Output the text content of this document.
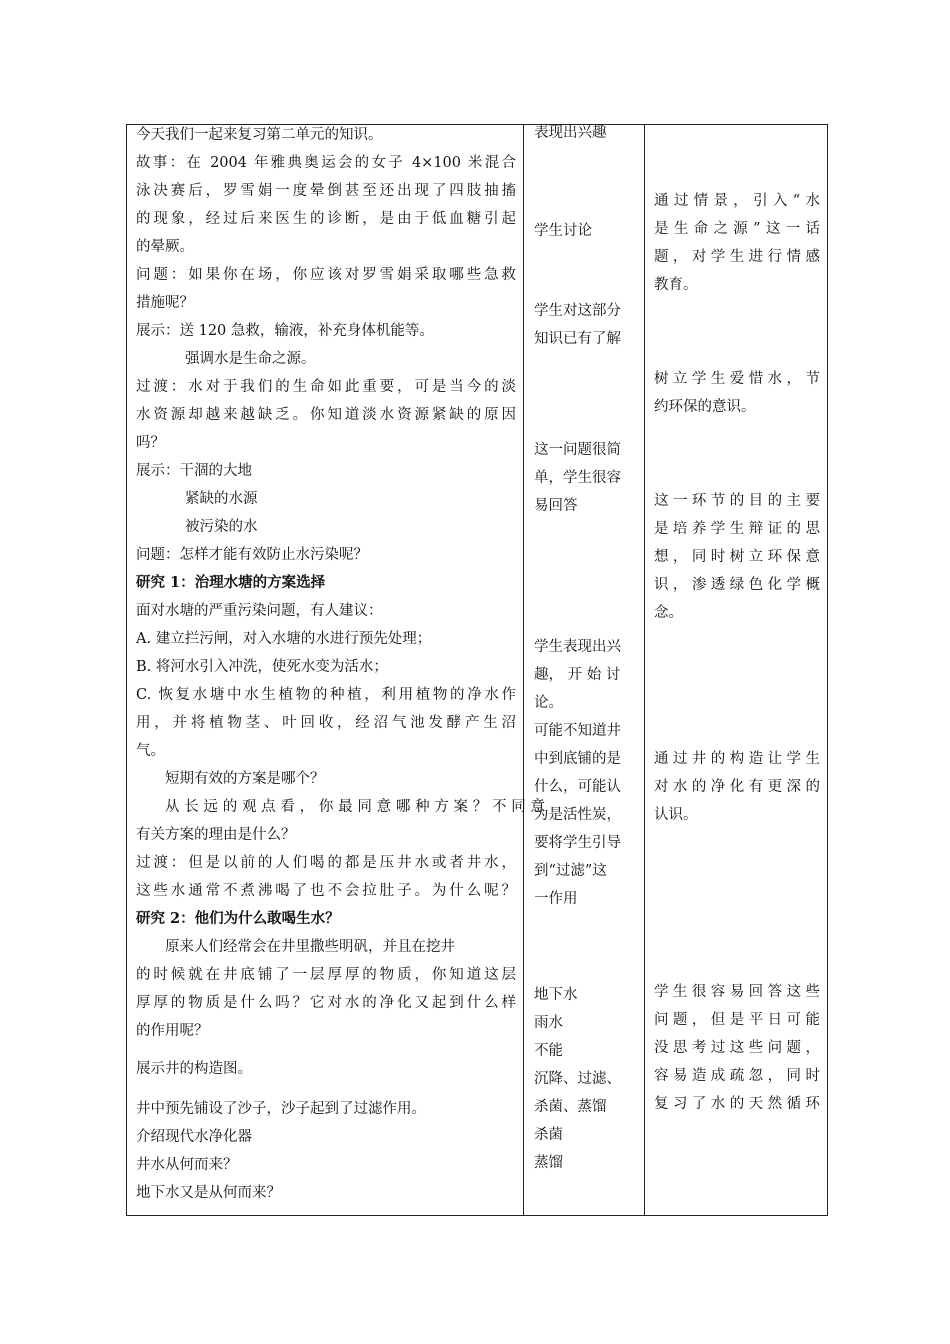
今天我们一起来复习第二单元的知识。
故事：在 2004 年雅典奥运会的女子 4×100 米混合
泳决赛后，罗雪娟一度晕倒甚至还出现了四肢抽搐
的现象，经过后来医生的诊断，是由于低血糖引起
的晕厥。
问题：如果你在场，你应该对罗雪娟采取哪些急救
措施呢？
展示：送 120 急救，输液，补充身体机能等。
强调水是生命之源。
过渡：水对于我们的生命如此重要，可是当今的淡
水资源却越来越缺乏。你知道淡水资源紧缺的原因
吗？
展示：干涸的大地
紧缺的水源
被污染的水
问题：怎样才能有效防止水污染呢？
研究 1：治理水塘的方案选择
面对水塘的严重污染问题，有人建议：
A. 建立拦污闸，对入水塘的水进行预先处理；
B. 将河水引入冲洗，使死水变为活水；
C. 恢复水塘中水生植物的种植，利用植物的净水作
用，并将植物茎、叶回收，经沼气池发酵产生沼
气。
短期有效的方案是哪个？
从长远的观点看，你最同意哪种方案？不同意
有关方案的理由是什么？
过渡：但是以前的人们喝的都是压井水或者井水，
这些水通常不煮沸喝了也不会拉肚子。为什么呢？
研究 2：他们为什么敢喝生水？
原来人们经常会在井里撒些明矾，并且在挖井
的时候就在井底铺了一层厚厚的物质，你知道这层
厚厚的物质是什么吗？它对水的净化又起到什么样
的作用呢？
展示井的构造图。
井中预先铺设了沙子，沙子起到了过滤作用。
介绍现代水净化器
井水从何而来？
地下水又是从何而来？

表现出兴趣
学生讨论
学生对这部分
知识已有了解
这一问题很简
单，学生很容
易回答
学生表现出兴
趣， 开 始 讨
论。
可能不知道井
中到底铺的是
什么，可能认
为是活性炭，
要将学生引导
到“过滤”这
一作用
地下水
雨水
不能
沉降、过滤、
杀菌、蒸馏
杀菌
蒸馏

通过情景，引入“水
是生命之源”这一话
题，对学生进行情感
教育。
树立学生爱惜水，节
约环保的意识。
这一环节的目的主要
是培养学生辩证的思
想，同时树立环保意
识，渗透绿色化学概
念。
通过井的构造让学生
对水的净化有更深的
认识。
学生很容易回答这些
问题，但是平日可能
没思考过这些问题，
容易造成疏忽，同时
复习了水的天然循环
